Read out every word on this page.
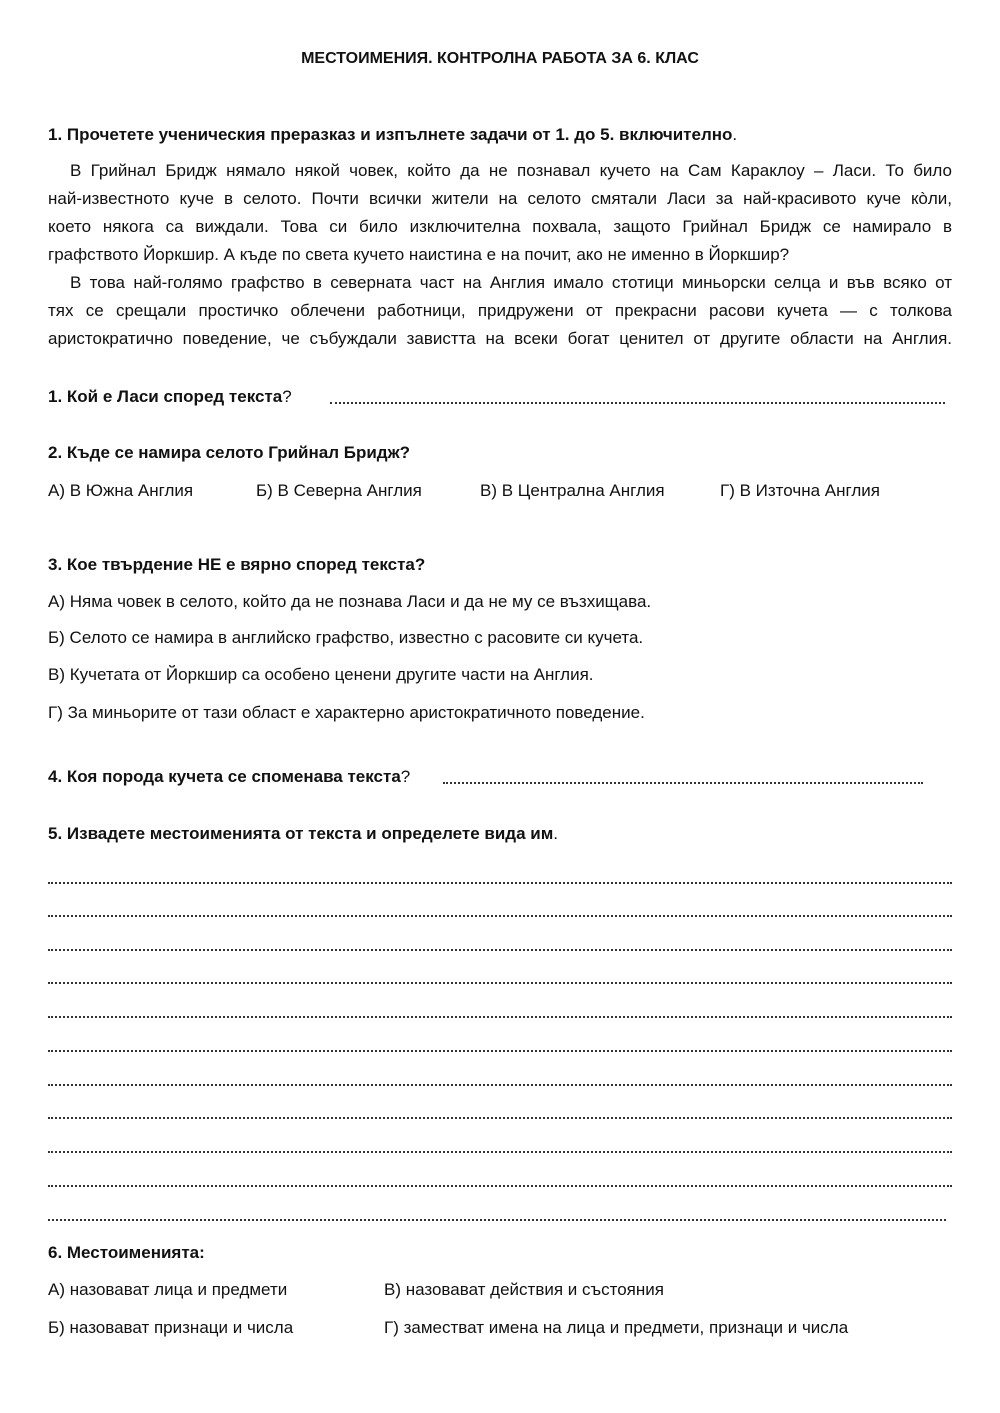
МЕСТОИМЕНИЯ. КОНТРОЛНА РАБОТА ЗА 6. КЛАС
1. Прочетете ученическия преразказ и изпълнете задачи от 1. до 5. включително.
В Грийнал Бридж нямало някой човек, който да не познавал кучето на Сам Караклоу – Ласи. То било
най-известното куче в селото. Почти всички жители на селото смятали Ласи за най-красивото куче кòли,
което някога са виждали. Това си било изключителна похвала, защото Грийнал Бридж се намирало в
графството Йоркшир. А къде по света кучето наистина е на почит, ако не именно в Йоркшир?
В това най-голямо графство в северната част на Англия имало стотици миньорски селца и във всяко от
тях се срещали простичко облечени работници, придружени от прекрасни расови кучета — с толкова
аристократично поведение, че събуждали завистта на всеки богат ценител от другите области на Англия.
1. Кой е Ласи според текста?
2. Къде се намира селото Грийнал Бридж?
А) В Южна Англия	Б) В Северна Англия	В) В Централна Англия	Г) В Източна Англия
3. Кое твърдение НЕ е вярно според текста?
А) Няма човек в селото, който да не познава Ласи и да не му се възхищава.
Б) Селото се намира в английско графство, известно с расовите си кучета.
В) Кучетата от Йоркшир са особено ценени другите части на Англия.
Г) За миньорите от тази област е характерно аристократичното поведение.
4. Коя порода кучета се споменава текста?
5. Извадете местоименията от текста и определете вида им.
6. Местоименията:
А) назовават лица и предмети	В) назовават действия и състояния
Б) назовават признаци и числа	Г) заместват имена на лица и предмети, признаци и числа
